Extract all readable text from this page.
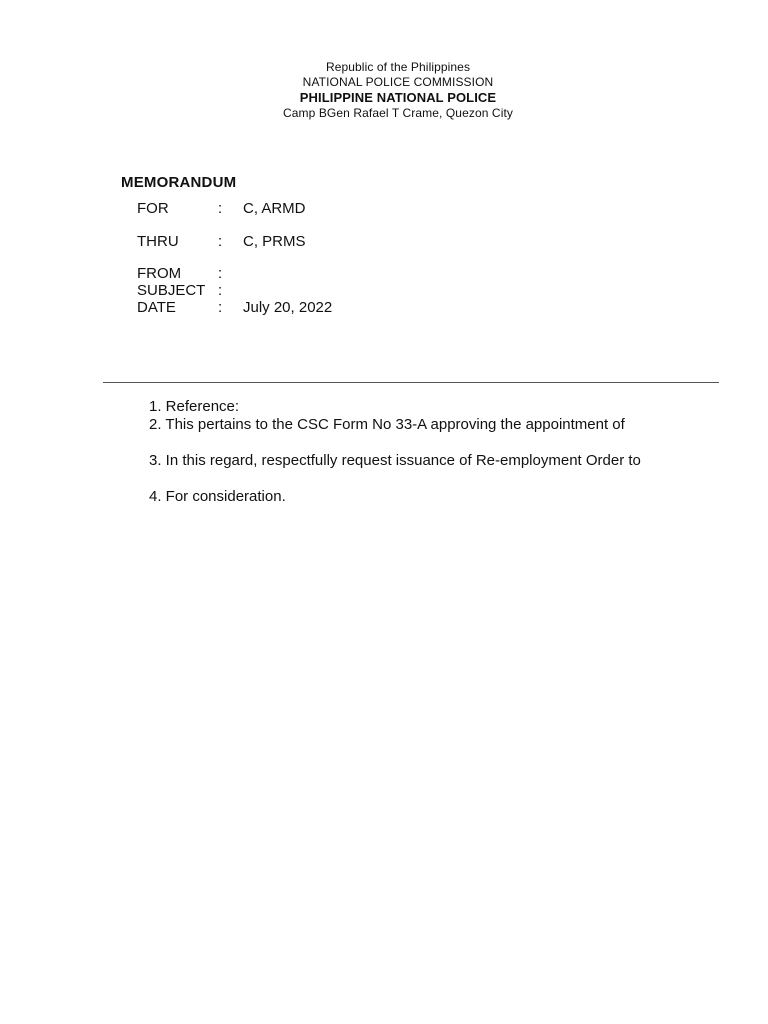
Republic of the Philippines
NATIONAL POLICE COMMISSION
PHILIPPINE NATIONAL POLICE
Camp BGen Rafael T Crame, Quezon City
MEMORANDUM
FOR	: C, ARMD
THRU	: C, PRMS
FROM :
SUBJECT :
DATE	: July 20, 2022
1. Reference:
2. This pertains to the CSC Form No 33-A approving the appointment of
3. In this regard, respectfully request issuance of Re-employment Order to
4. For consideration.
